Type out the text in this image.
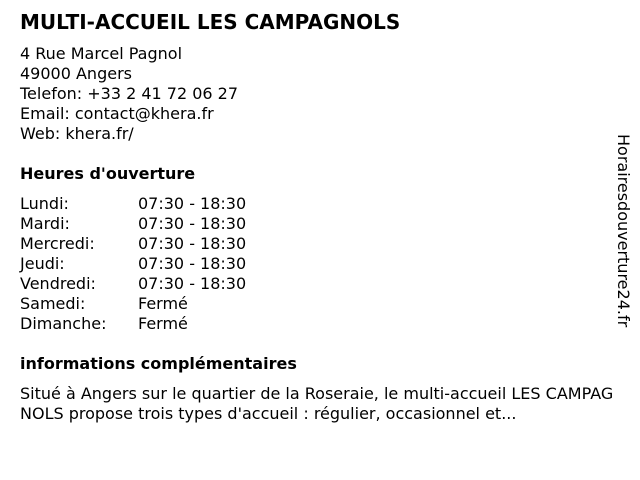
MULTI-ACCUEIL LES CAMPAGNOLS
4 Rue Marcel Pagnol
49000 Angers
Telefon: +33 2 41 72 06 27
Email: contact@khera.fr
Web: khera.fr/
Heures d'ouverture
Lundi:	07:30 - 18:30
Mardi:	07:30 - 18:30
Mercredi:	07:30 - 18:30
Jeudi:	07:30 - 18:30
Vendredi:	07:30 - 18:30
Samedi:	Fermé
Dimanche: Fermé
informations complémentaires
Situé à Angers sur le quartier de la Roseraie, le multi-accueil LES CAMPAGNOLS propose trois types d'accueil : régulier, occasionnel et...
Horairesdouverture24.fr
